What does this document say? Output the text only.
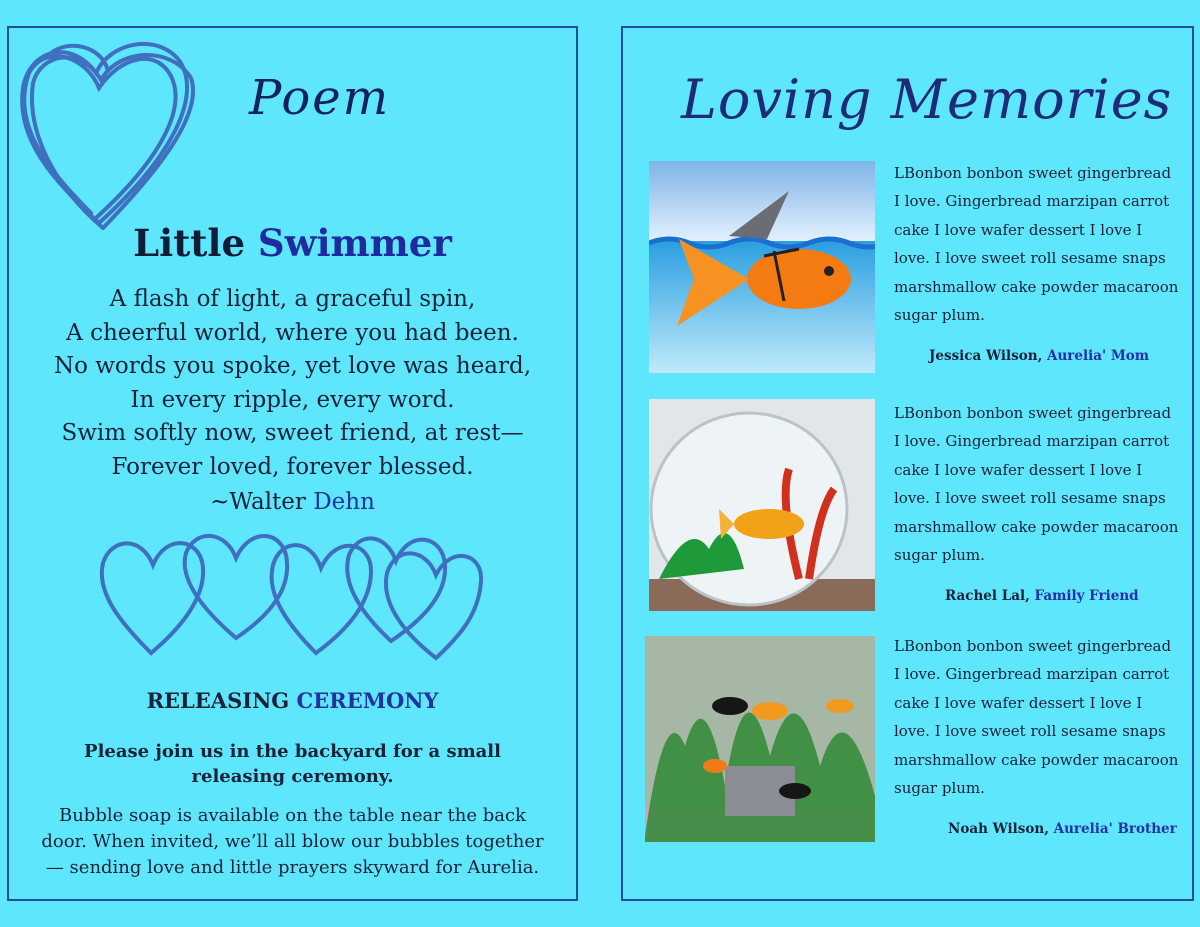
Poem
Little Swimmer
A flash of light, a graceful spin,
A cheerful world, where you had been.
No words you spoke, yet love was heard,
In every ripple, every word.
Swim softly now, sweet friend, at rest—
Forever loved, forever blessed.
~Walter Dehn
RELEASING CEREMONY
Please join us in the backyard for a small releasing ceremony.
Bubble soap is available on the table near the back door. When invited, we’ll all blow our bubbles together — sending love and little prayers skyward for Aurelia.
Loving Memories
LBonbon bonbon sweet gingerbread I love. Gingerbread marzipan carrot cake I love wafer dessert I love I love. I love sweet roll sesame snaps marshmallow cake powder macaroon sugar plum.
Jessica Wilson, Aurelia' Mom
LBonbon bonbon sweet gingerbread I love. Gingerbread marzipan carrot cake I love wafer dessert I love I love. I love sweet roll sesame snaps marshmallow cake powder macaroon sugar plum.
Rachel Lal, Family Friend
LBonbon bonbon sweet gingerbread I love. Gingerbread marzipan carrot cake I love wafer dessert I love I love. I love sweet roll sesame snaps marshmallow cake powder macaroon sugar plum.
Noah Wilson, Aurelia' Brother
